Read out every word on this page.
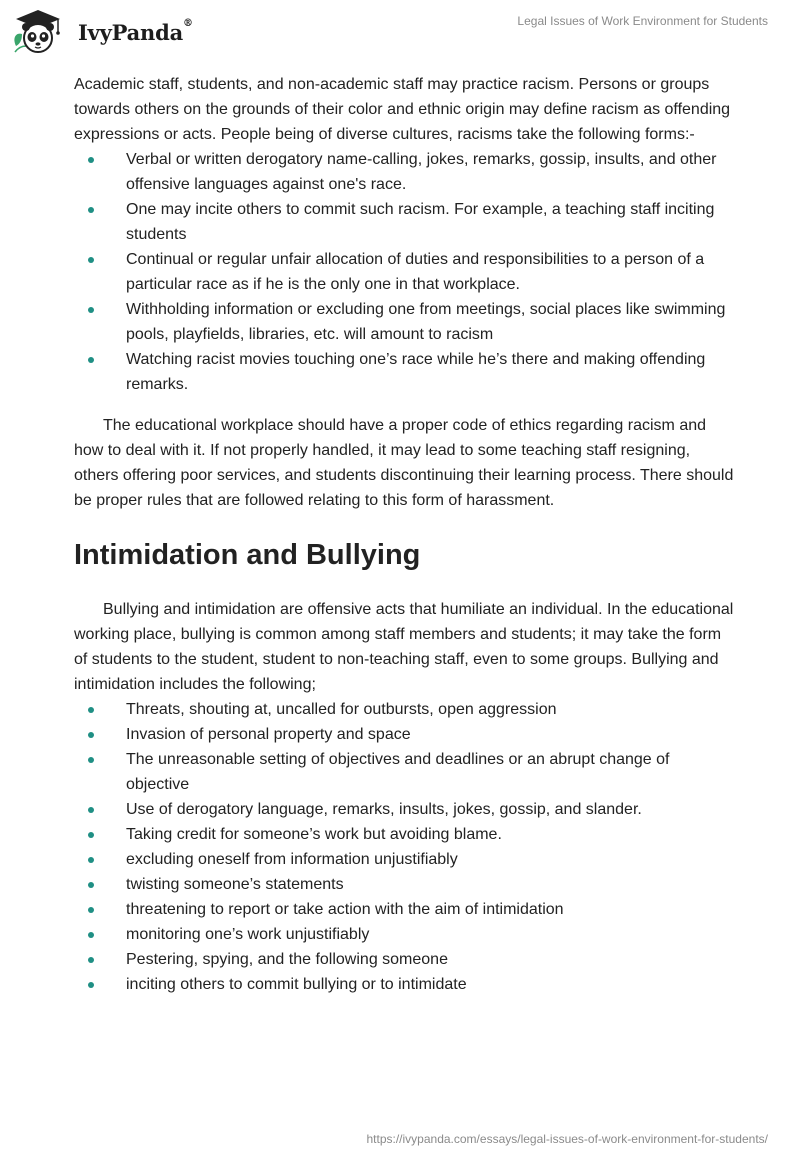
IvyPanda®	Legal Issues of Work Environment for Students

Academic staff, students, and non-academic staff may practice racism. Persons or groups towards others on the grounds of their color and ethnic origin may define racism as offending expressions or acts. People being of diverse cultures, racisms take the following forms:-

Verbal or written derogatory name-calling, jokes, remarks, gossip, insults, and other offensive languages against one's race.
One may incite others to commit such racism. For example, a teaching staff inciting students
Continual or regular unfair allocation of duties and responsibilities to a person of a particular race as if he is the only one in that workplace.
Withholding information or excluding one from meetings, social places like swimming pools, playfields, libraries, etc. will amount to racism
Watching racist movies touching one’s race while he’s there and making offending remarks.

The educational workplace should have a proper code of ethics regarding racism and how to deal with it. If not properly handled, it may lead to some teaching staff resigning, others offering poor services, and students discontinuing their learning process. There should be proper rules that are followed relating to this form of harassment.

Intimidation and Bullying

Bullying and intimidation are offensive acts that humiliate an individual. In the educational working place, bullying is common among staff members and students; it may take the form of students to the student, student to non-teaching staff, even to some groups. Bullying and intimidation includes the following;

Threats, shouting at, uncalled for outbursts, open aggression
Invasion of personal property and space
The unreasonable setting of objectives and deadlines or an abrupt change of objective
Use of derogatory language, remarks, insults, jokes, gossip, and slander.
Taking credit for someone’s work but avoiding blame.
excluding oneself from information unjustifiably
twisting someone’s statements
threatening to report or take action with the aim of intimidation
monitoring one’s work unjustifiably
Pestering, spying, and the following someone
inciting others to commit bullying or to intimidate
https://ivypanda.com/essays/legal-issues-of-work-environment-for-students/
